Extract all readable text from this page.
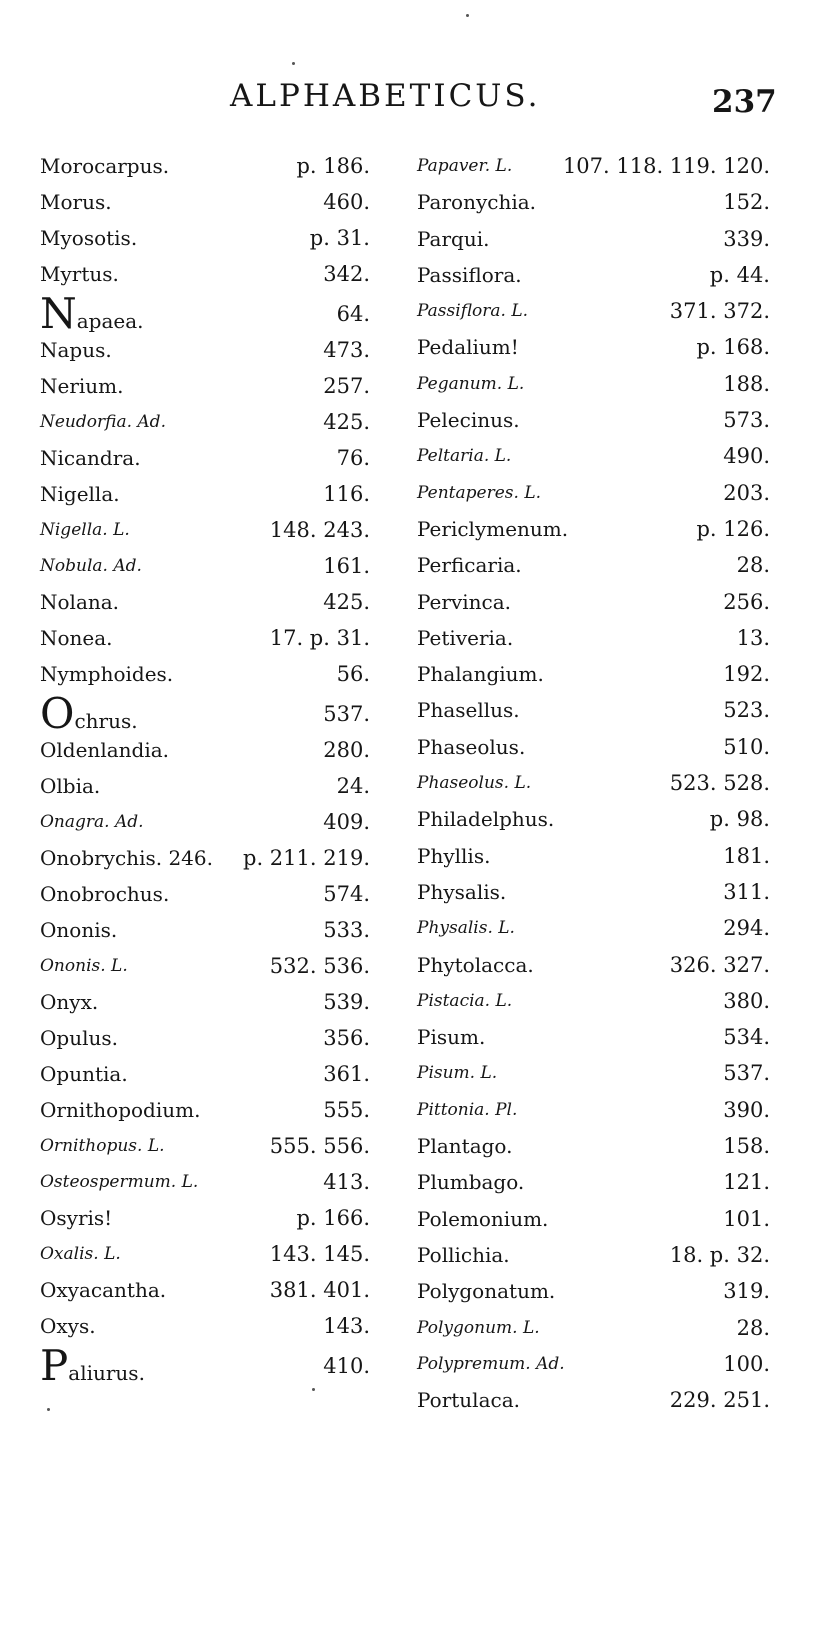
ALPHABETICUS.	237
Morocarpus.	p. 186.
Morus.	460.
Myosotis.	p. 31.
Myrtus.	342.
Napaea.	64.
Napus.	473.
Nerium.	257.
Neudorfia. Ad.	425.
Nicandra.	76.
Nigella.	116.
Nigella. L.	148. 243.
Nobula. Ad.	161.
Nolana.	425.
Nonea.	17. p. 31.
Nymphoides.	56.
Ochrus.	537.
Oldenlandia.	280.
Olbia.	24.
Onagra. Ad.	409.
Onobrychis. 246. p. 211. 219.
Onobrochus.	574.
Ononis.	533.
Ononis. L.	532. 536.
Onyx.	539.
Opulus.	356.
Opuntia.	361.
Ornithopodium.	555.
Ornithopus. L.	555. 556.
Osteospermum. L.	413.
Osyris!	p. 166.
Oxalis. L.	143. 145.
Oxyacantha.	381. 401.
Oxys.	143.
Paliurus.	410.
Papaver. L. 107. 118. 119. 120.
Paronychia.	152.
Parqui.	339.
Passiflora.	p. 44.
Passiflora. L.	371. 372.
Pedalium!	p. 168.
Peganum. L.	188.
Pelecinus.	573.
Peltaria. L.	490.
Pentaperes. L.	203.
Periclymenum.	p. 126.
Perficaria.	28.
Pervinca.	256.
Petiveria.	13.
Phalangium.	192.
Phasellus.	523.
Phaseolus.	510.
Phaseolus. L.	523. 528.
Philadelphus.	p. 98.
Phyllis.	181.
Physalis.	311.
Physalis. L.	294.
Phytolacca.	326. 327.
Pistacia. L.	380.
Pisum.	534.
Pisum. L.	537.
Pittonia. Pl.	390.
Plantago.	158.
Plumbago.	121.
Polemonium.	101.
Pollichia.	18. p. 32.
Polygonatum.	319.
Polygonum. L.	28.
Polypremum. Ad.	100.
Portulaca.	229. 251.
